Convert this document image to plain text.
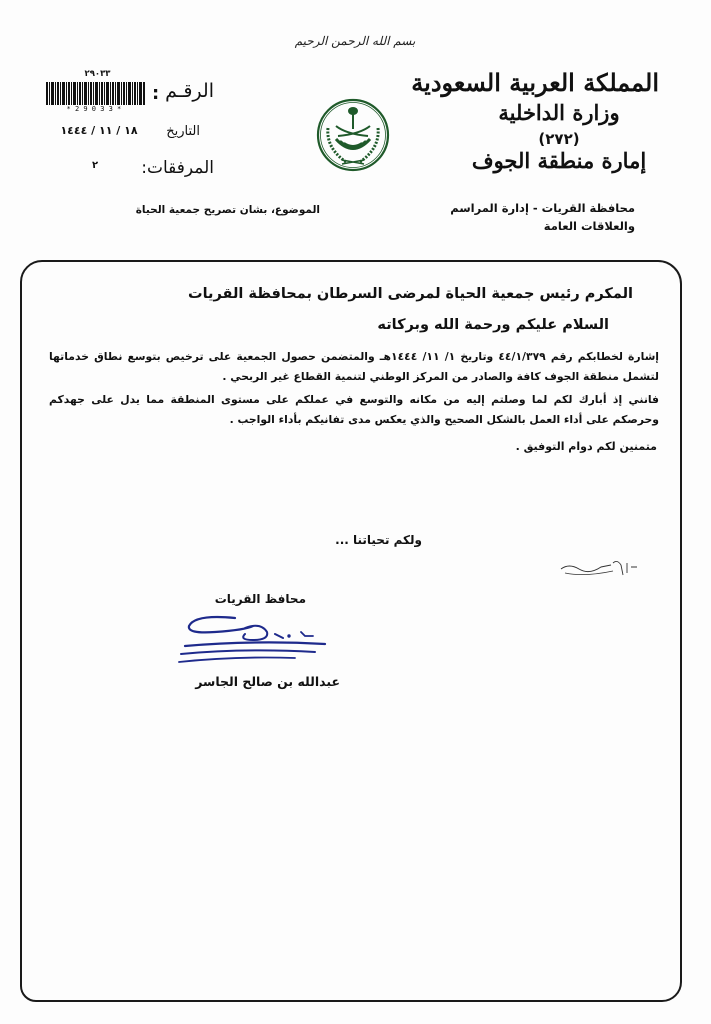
بسم الله الرحمن الرحيم
المملكة العربية السعودية
وزارة الداخلية
(٢٧٢)
إمارة منطقة الجوف
محافظة القريات - إدارة المراسم
والعلاقات العامة
الرقـم
:
٢٩٠٣٣
*29033*
التاريخ
١٨ / ١١ / ١٤٤٤
المرفقات:
٢
الموضوع، بشان تصريح جمعية الحياة
المكرم رئيس جمعية الحياة لمرضى السرطان بمحافظة القريات
السلام عليكم ورحمة الله وبركاته
إشارة لخطابكم رقم ٤٤/١/٣٧٩ وتاريخ ١/ ١١/ ١٤٤٤هـ والمتضمن حصول الجمعية على ترخيص بتوسع نطاق خدماتها لتشمل منطقة الجوف كافة والصادر من المركز الوطني لتنمية القطاع غير الربحي .
فانني إذ أبارك لكم لما وصلتم إليه من مكانه والتوسع في عملكم على مستوى المنطقة مما يدل على جهدكم وحرصكم على أداء العمل بالشكل الصحيح والذي يعكس مدى تفانيكم بأداء الواجب .
متمنين لكم دوام التوفيق .
ولكم تحياتنا ...
محافظ القريات
عبدالله بن صالح الجاسر
